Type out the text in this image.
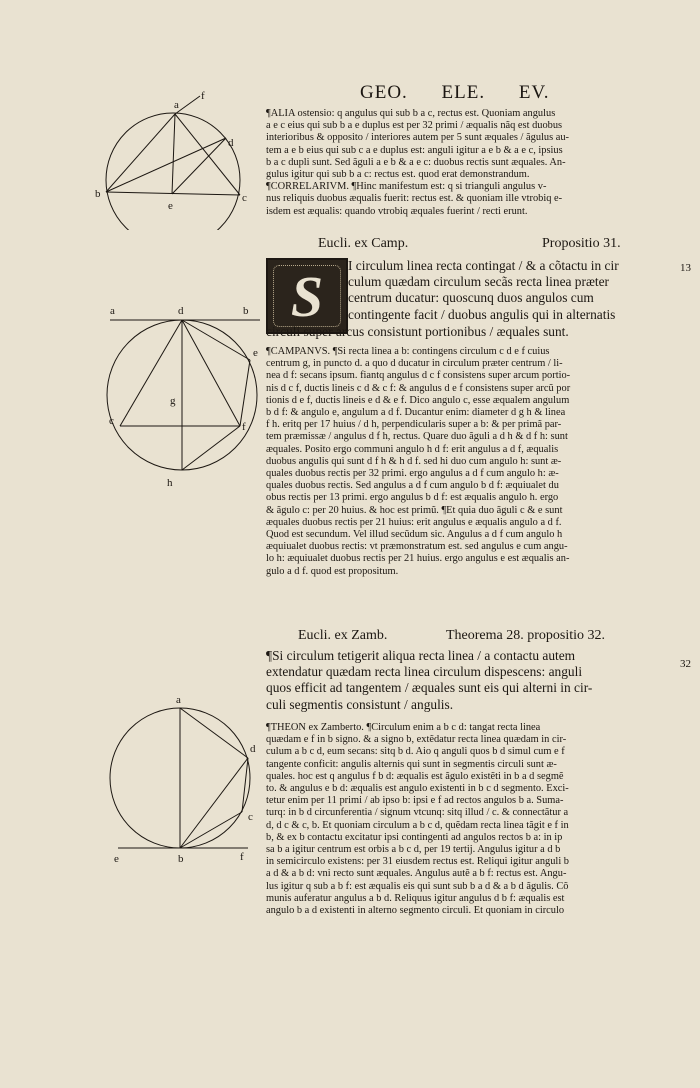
13
32
GEO. ELE. EV.
a
f
d
b
e
c
a	d	b
e
g
c	f
h
a
d
c
e	b	f

¶ALIA ostensio: q angulus qui sub b a c, rectus est. Quoniam angulus

a e c eius qui sub b a e duplus est per 32 primi / æqualis nãq est duobus

interioribus & opposito / interiores autem per 5 sunt æquales / ãgulus au-

tem a e b eius qui sub c a e duplus est: anguli igitur a e b & a e c, ipsius

b a c dupli sunt. Sed ãguli a e b & a e c: duobus rectis sunt æquales. An-

gulus igitur qui sub b a c: rectus est. quod erat demonstrandum.

¶CORRELARIVM. ¶Hinc manifestum est: q si trianguli angulus v-

nus reliquis duobus æqualis fuerit: rectus est. & quoniam ille vtrobiq e-

isdem est æqualis: quando vtrobiq æquales fuerint / recti erunt.

Eucli. ex Camp.	Propositio 31.
S I circulum linea recta contingat / & a cõtactu in cir
culum quædam circulum secãs recta linea præter
centrum ducatur: quoscunq duos angulos cum
contingente facit / duobus angulis qui in alternatis
circuli super arcus consistunt portionibus / æquales sunt.

¶CAMPANVS. ¶Si recta linea a b: contingens circulum c d e f cuius

centrum g, in puncto d. a quo d ducatur in circulum præter centrum / li-

nea d f: secans ipsum. fiantq angulus d c f consistens super arcum portio-

nis d c f, ductis lineis c d & c f: & angulus d e f consistens super arcũ por

tionis d e f, ductis lineis e d & e f. Dico angulo c, esse æqualem angulum

b d f: & angulo e, angulum a d f. Ducantur enim: diameter d g h & linea

f h. eritq per 17 huius / d h, perpendicularis super a b: & per primã par-

tem præmissæ / angulus d f h, rectus. Quare duo ãguli a d h & d f h: sunt

æquales. Posito ergo communi angulo h d f: erit angulus a d f, æqualis

duobus angulis qui sunt d f h & h d f. sed hi duo cum angulo h: sunt æ-

quales duobus rectis per 32 primi. ergo angulus a d f cum angulo h: æ-

quales duobus rectis. Sed angulus a d f cum angulo b d f: æquiualet du

obus rectis per 13 primi. ergo angulus b d f: est æqualis angulo h. ergo

& ãgulo c: per 20 huius. & hoc est primũ. ¶Et quia duo ãguli c & e sunt

æquales duobus rectis per 21 huius: erit angulus e æqualis angulo a d f.

Quod est secundum. Vel illud secũdum sic. Angulus a d f cum angulo h

æquiualet duobus rectis: vt præmonstratum est. sed angulus e cum angu-

lo h: æquiualet duobus rectis per 21 huius. ergo angulus e est æqualis an-

gulo a d f. quod est propositum.

Eucli. ex Zamb.	Theorema 28. propositio 32.
¶Si circulum tetigerit aliqua recta linea / a contactu autem
extendatur quædam recta linea circulum dispescens: anguli
quos efficit ad tangentem / æquales sunt eis qui alterni in cir-
culi segmentis consistunt / angulis.

¶THEON ex Zamberto. ¶Circulum enim a b c d: tangat recta linea

quædam e f in b signo. & a signo b, extẽdatur recta linea quædam in cir-

culum a b c d, eum secans: sitq b d. Aio q anguli quos b d simul cum e f

tangente conficit: angulis alternis qui sunt in segmentis circuli sunt æ-

quales. hoc est q angulus f b d: æqualis est ãgulo existẽti in b a d segmẽ

to. & angulus e b d: æqualis est angulo existenti in b c d segmento. Exci-

tetur enim per 11 primi / ab ipso b: ipsi e f ad rectos angulos b a. Suma-

turq: in b d circunferentia / signum vtcunq: sitq illud / c. & connectãtur a

d, d c & c, b. Et quoniam circulum a b c d, quẽdam recta linea tãgit e f in

b, & ex b contactu excitatur ipsi contingenti ad angulos rectos b a: in ip

sa b a igitur centrum est orbis a b c d, per 19 tertij. Angulus igitur a d b

in semicirculo existens: per 31 eiusdem rectus est. Reliqui igitur anguli b

a d & a b d: vni recto sunt æquales. Angulus autẽ a b f: rectus est. Angu-

lus igitur q sub a b f: est æqualis eis qui sunt sub b a d & a b d ãgulis. Cõ

munis auferatur angulus a b d. Reliquus igitur angulus d b f: æqualis est

angulo b a d existenti in alterno segmento circuli. Et quoniam in circulo
